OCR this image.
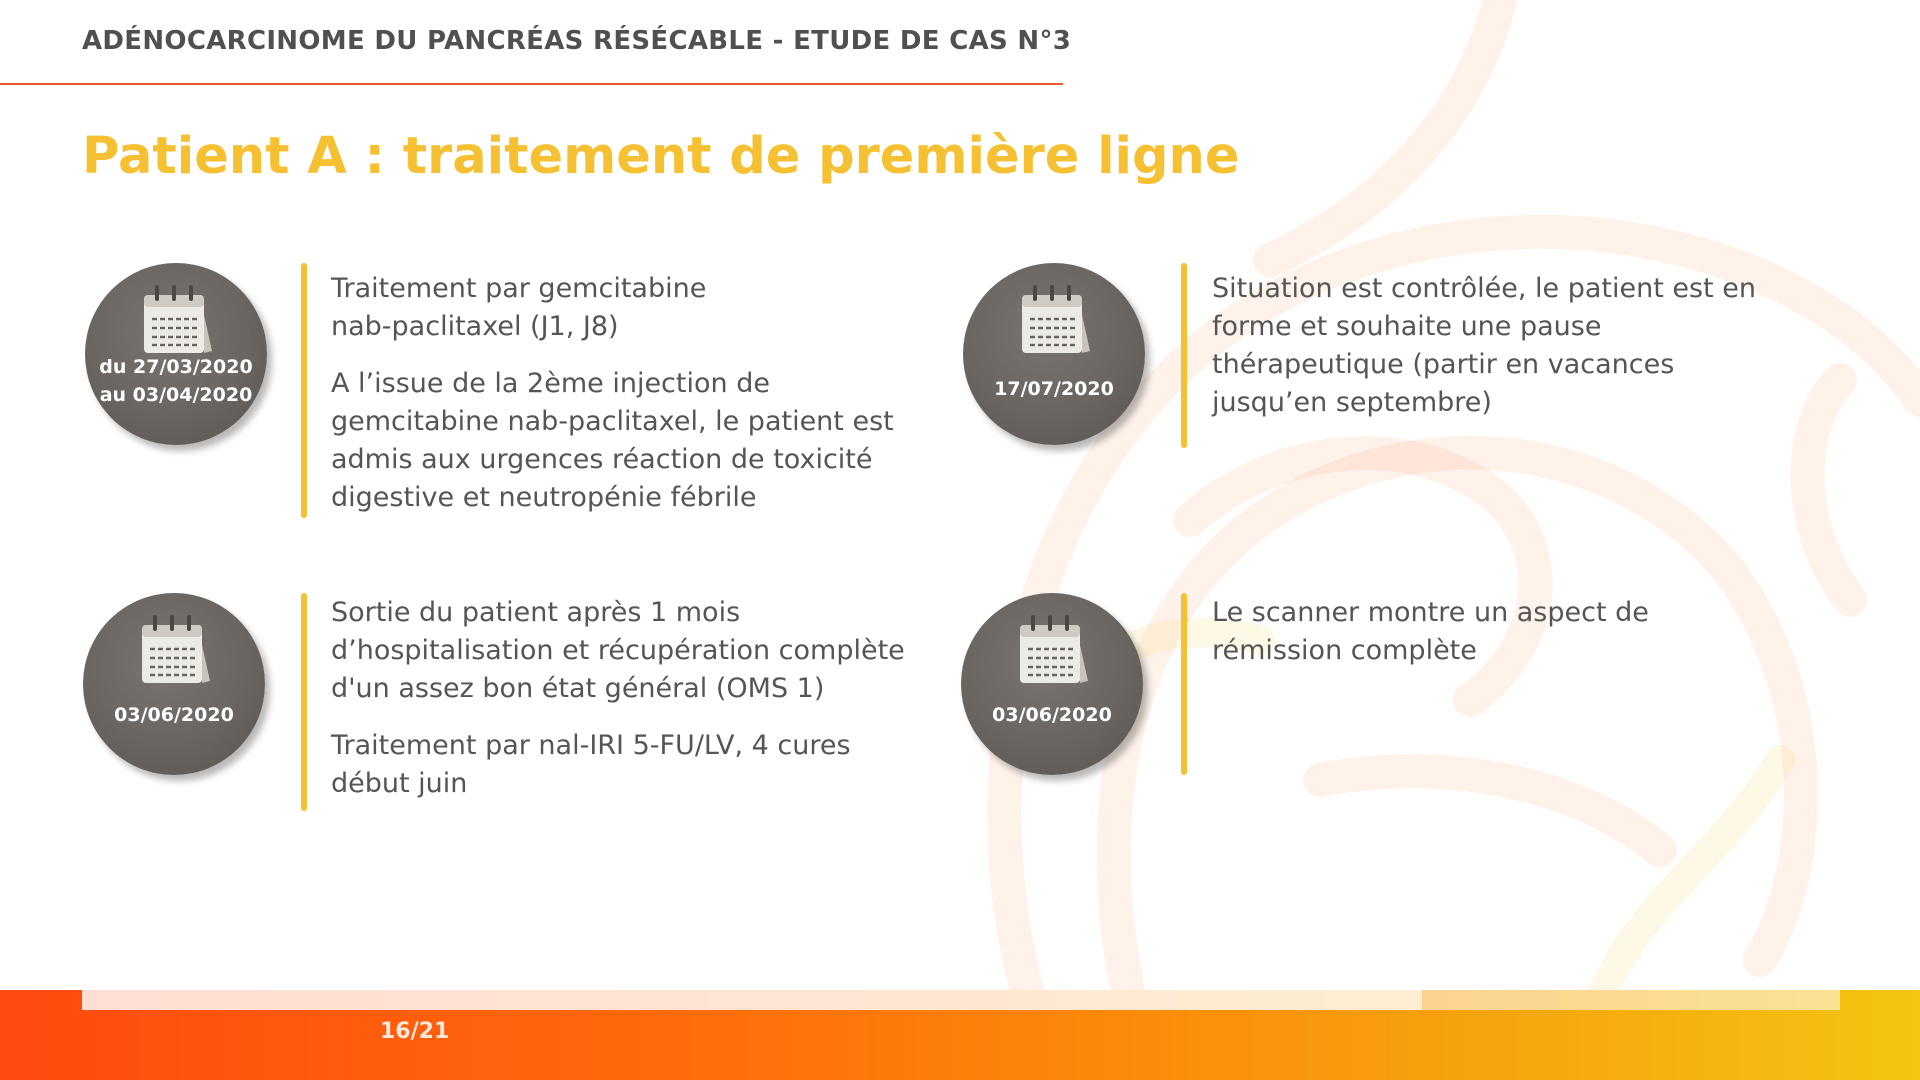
ADÉNOCARCINOME DU PANCRÉAS RÉSÉCABLE - ETUDE DE CAS N°3
Patient A : traitement de première ligne
du 27/03/2020
au 03/04/2020

Traitement par gemcitabine nab-paclitaxel (J1, J8)

A l’issue de la 2ème injection de gemcitabine nab-paclitaxel, le patient est admis aux urgences réaction de toxicité digestive et neutropénie fébrile

17/07/2020

Situation est contrôlée, le patient est en forme et souhaite une pause thérapeutique (partir en vacances jusqu’en septembre)

03/06/2020

Sortie du patient après 1 mois d’hospitalisation et récupération complète d'un assez bon état général (OMS 1)

Traitement par nal-IRI 5-FU/LV, 4 cures début juin

03/06/2020

Le scanner montre un aspect de rémission complète

16/21
